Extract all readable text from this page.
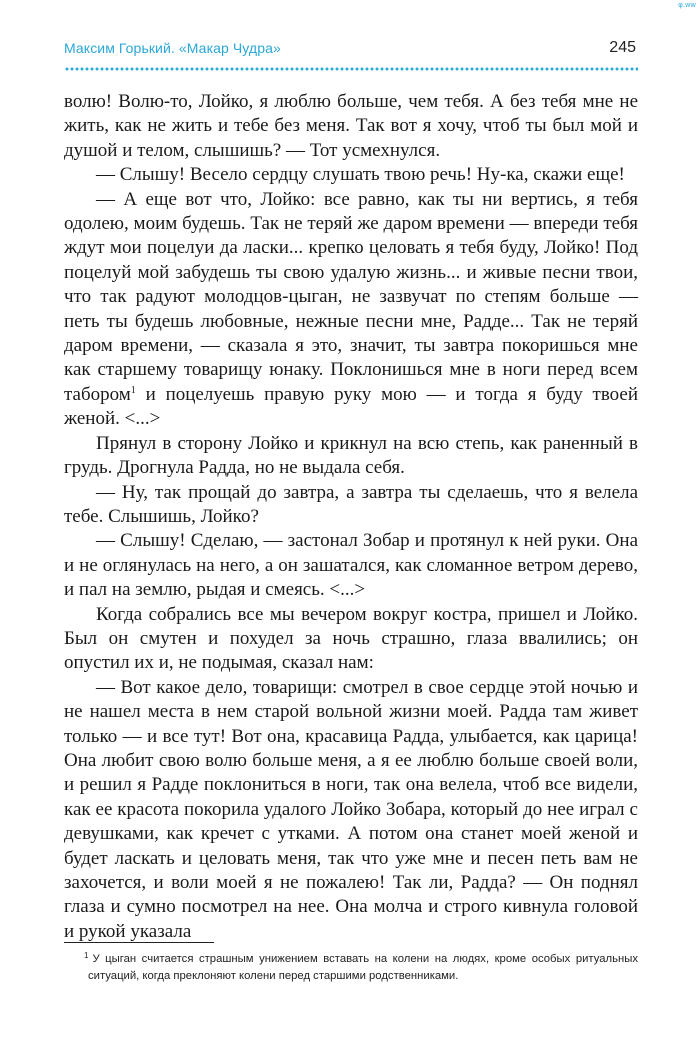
φ.ww
Максим Горький. «Макар Чудра»	245

волю! Волю-то, Лойко, я люблю больше, чем тебя. А без тебя мне не жить, как не жить и тебе без меня. Так вот я хочу, чтоб ты был мой и душой и телом, слышишь? — Тот усмехнулся.

— Слышу! Весело сердцу слушать твою речь! Ну-ка, скажи еще!

— А еще вот что, Лойко: все равно, как ты ни вертись, я тебя одолею, моим будешь. Так не теряй же даром времени — впереди тебя ждут мои поцелуи да ласки... крепко целовать я тебя буду, Лойко! Под поцелуй мой забудешь ты свою удалую жизнь... и живые песни твои, что так радуют молодцов-цыган, не зазвучат по степям больше — петь ты будешь любовные, нежные песни мне, Радде... Так не теряй даром времени, — сказала я это, значит, ты завтра покоришься мне как старшему товарищу юнаку. Поклонишься мне в ноги перед всем табором$^1$ и поцелуешь правую руку мою — и тогда я буду твоей женой. <...>

Прянул в сторону Лойко и крикнул на всю степь, как раненный в грудь. Дрогнула Радда, но не выдала себя.

— Ну, так прощай до завтра, а завтра ты сделаешь, что я велела тебе. Слышишь, Лойко?

— Слышу! Сделаю, — застонал Зобар и протянул к ней руки. Она и не оглянулась на него, а он зашатался, как сломанное ветром дерево, и пал на землю, рыдая и смеясь. <...>

Когда собрались все мы вечером вокруг костра, пришел и Лойко. Был он смутен и похудел за ночь страшно, глаза ввалились; он опустил их и, не подымая, сказал нам:

— Вот какое дело, товарищи: смотрел в свое сердце этой ночью и не нашел места в нем старой вольной жизни моей. Радда там живет только — и все тут! Вот она, красавица Радда, улыбается, как царица! Она любит свою волю больше меня, а я ее люблю больше своей воли, и решил я Радде поклониться в ноги, так она велела, чтоб все видели, как ее красота покорила удалого Лойко Зобара, который до нее играл с девушками, как кречет с утками. А потом она станет моей женой и будет ласкать и целовать меня, так что уже мне и песен петь вам не захочется, и воли моей я не пожалею! Так ли, Радда? — Он поднял глаза и сумно посмотрел на нее. Она молча и строго кивнула головой и рукой указала

$^1$ У цыган считается страшным унижением вставать на колени на людях, кроме особых ритуальных ситуаций, когда преклоняют колени перед старшими родственниками.
